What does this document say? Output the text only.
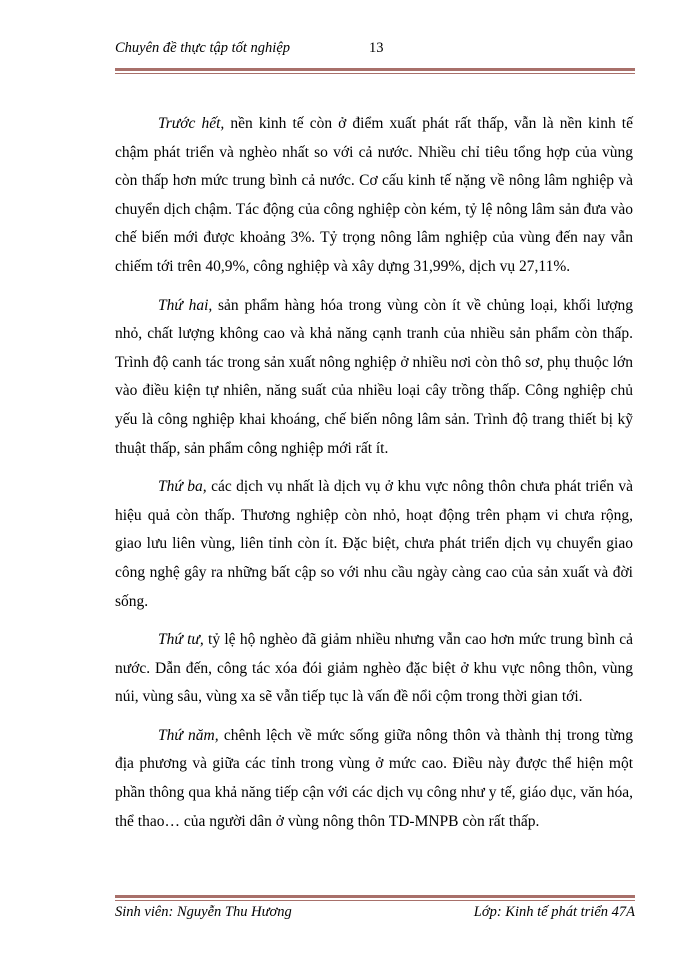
Chuyên đề thực tập tốt nghiệp	13

Trước hết, nền kinh tế còn ở điểm xuất phát rất thấp, vẫn là nền kinh tế chậm phát triển và nghèo nhất so với cả nước. Nhiều chỉ tiêu tổng hợp của vùng còn thấp hơn mức trung bình cả nước. Cơ cấu kinh tế nặng về nông lâm nghiệp và chuyển dịch chậm. Tác động của công nghiệp còn kém, tỷ lệ nông lâm sản đưa vào chế biến mới được khoảng 3%. Tỷ trọng nông lâm nghiệp của vùng đến nay vẫn chiếm tới trên 40,9%, công nghiệp và xây dựng 31,99%, dịch vụ 27,11%.

Thứ hai, sản phẩm hàng hóa trong vùng còn ít về chủng loại, khối lượng nhỏ, chất lượng không cao và khả năng cạnh tranh của nhiều sản phẩm còn thấp. Trình độ canh tác trong sản xuất nông nghiệp ở nhiều nơi còn thô sơ, phụ thuộc lớn vào điều kiện tự nhiên, năng suất của nhiều loại cây trồng thấp. Công nghiệp chủ yếu là công nghiệp khai khoáng, chế biến nông lâm sản. Trình độ trang thiết bị kỹ thuật thấp, sản phẩm công nghiệp mới rất ít.

Thứ ba, các dịch vụ nhất là dịch vụ ở khu vực nông thôn chưa phát triển và hiệu quả còn thấp. Thương nghiệp còn nhỏ, hoạt động trên phạm vi chưa rộng, giao lưu liên vùng, liên tỉnh còn ít. Đặc biệt, chưa phát triển dịch vụ chuyển giao công nghệ gây ra những bất cập so với nhu cầu ngày càng cao của sản xuất và đời sống.

Thứ tư, tỷ lệ hộ nghèo đã giảm nhiều nhưng vẫn cao hơn mức trung bình cả nước. Dẫn đến, công tác xóa đói giảm nghèo đặc biệt ở khu vực nông thôn, vùng núi, vùng sâu, vùng xa sẽ vẫn tiếp tục là vấn đề nổi cộm trong thời gian tới.

Thứ năm, chênh lệch về mức sống giữa nông thôn và thành thị trong từng địa phương và giữa các tỉnh trong vùng ở mức cao. Điều này được thể hiện một phần thông qua khả năng tiếp cận với các dịch vụ công như y tế, giáo dục, văn hóa, thể thao… của người dân ở vùng nông thôn TD-MNPB còn rất thấp.

Sinh viên: Nguyễn Thu Hương	Lớp: Kinh tế phát triển 47A
